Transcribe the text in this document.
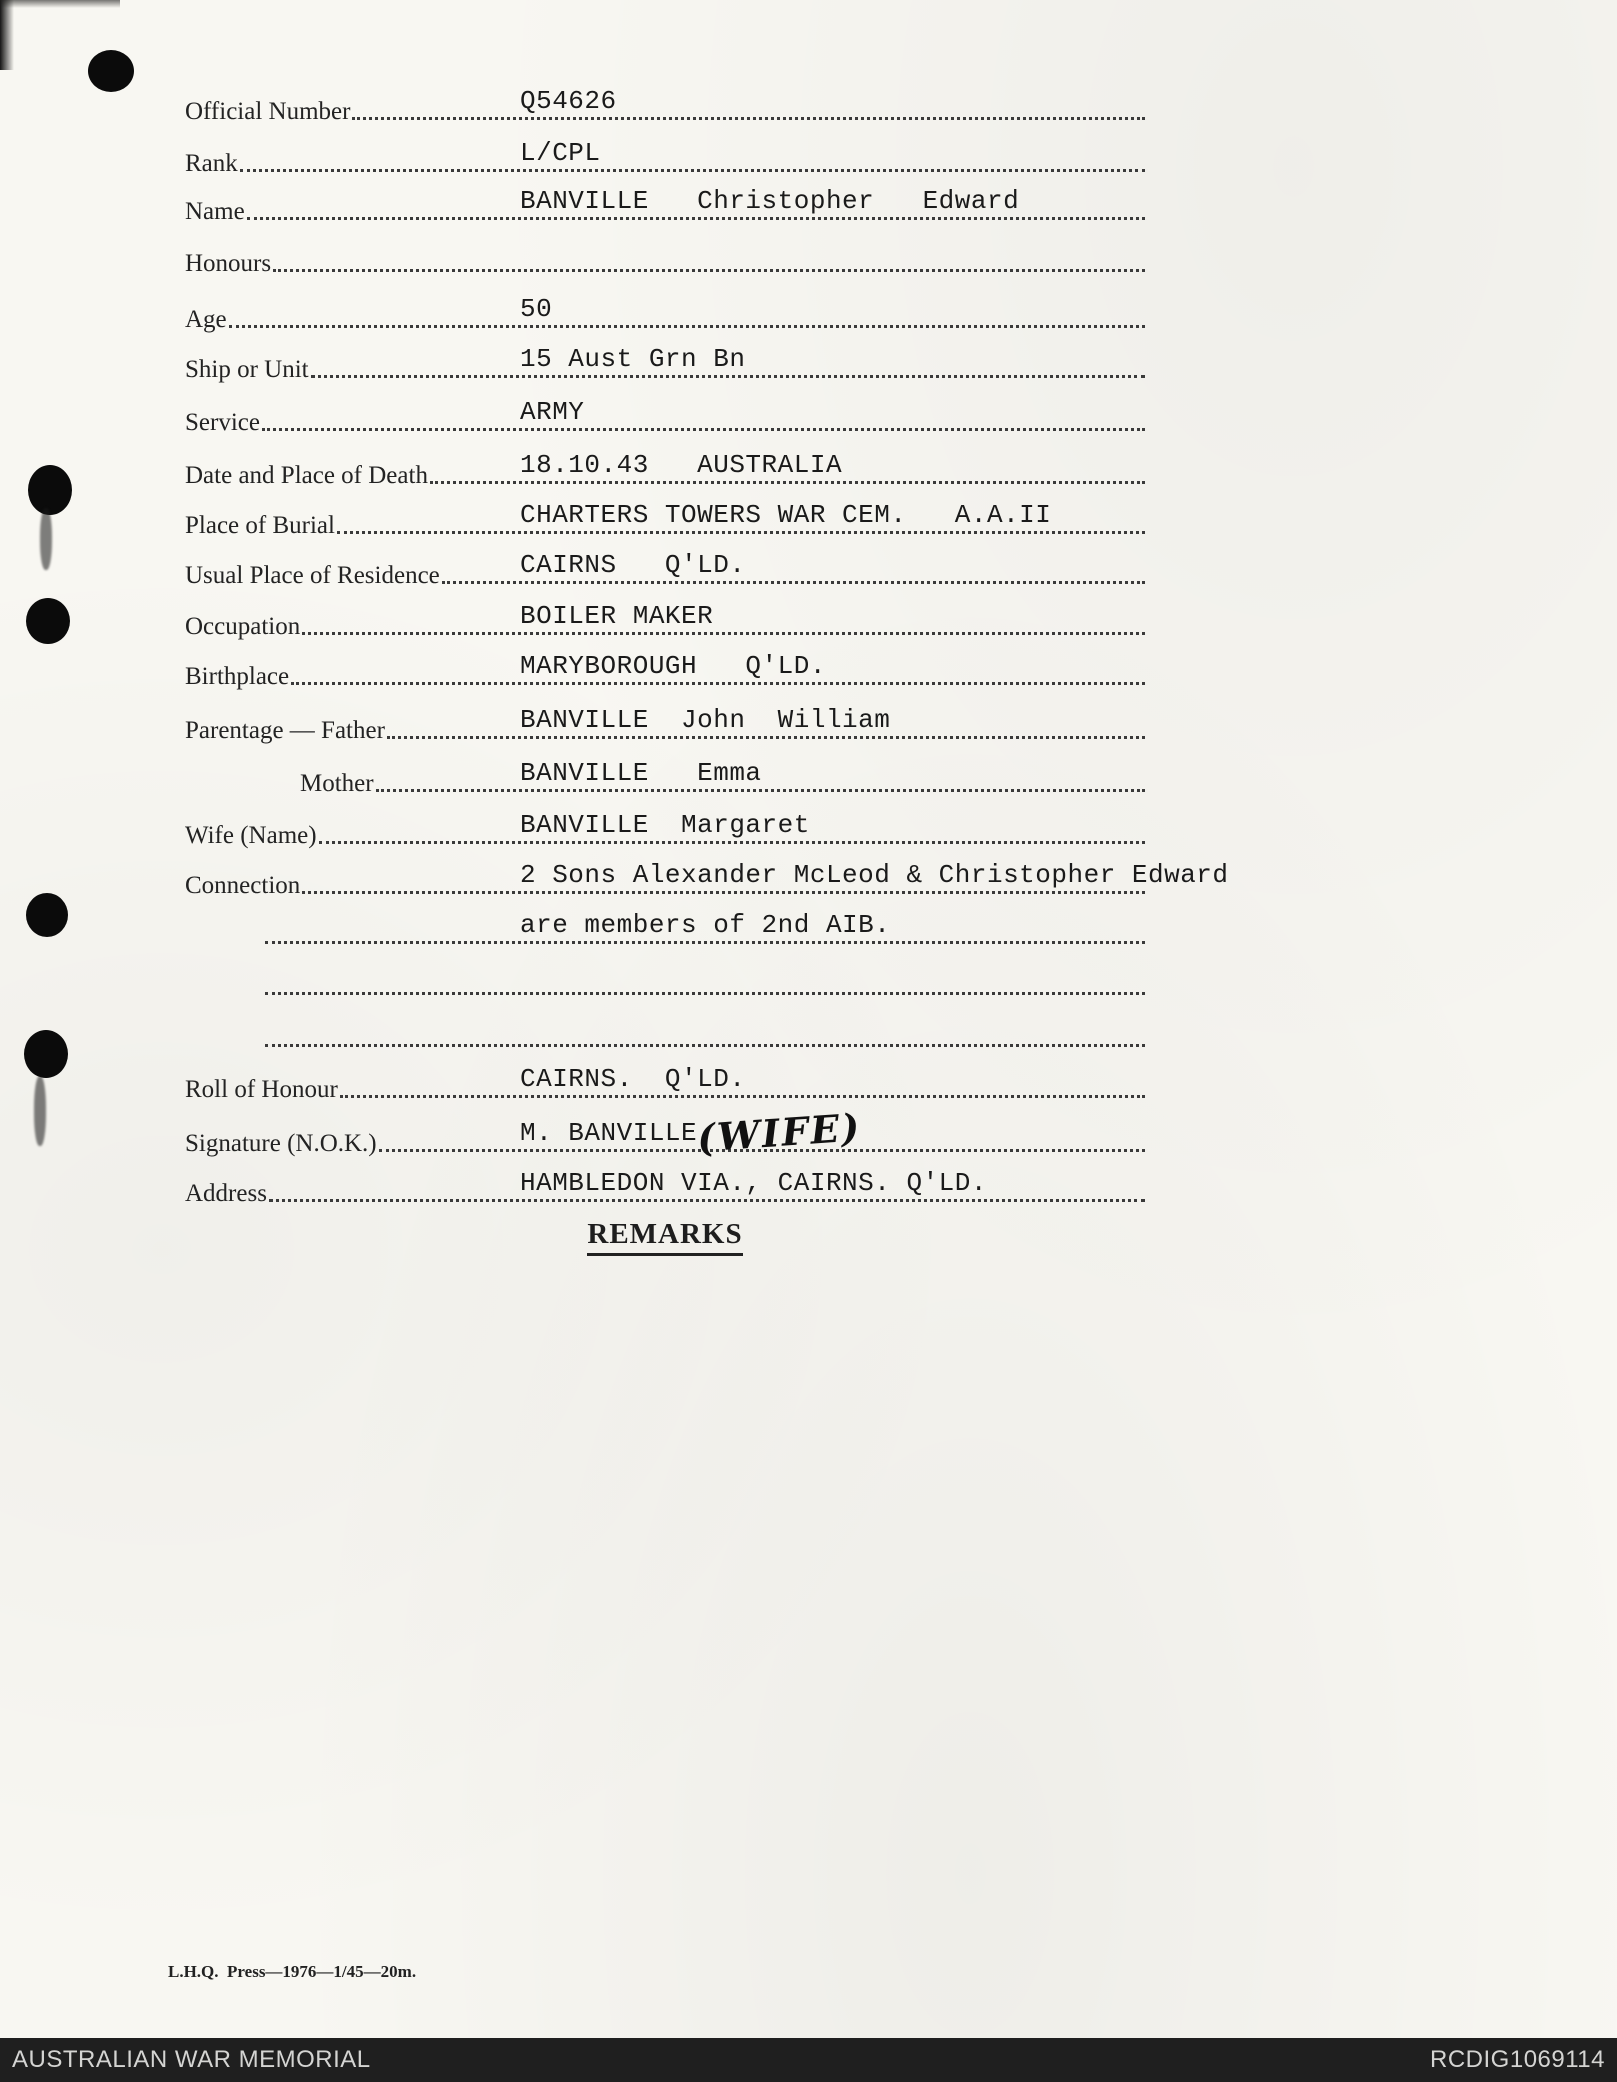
Official Number	Q54626
Rank	L/CPL
Name	BANVILLE   Christopher   Edward
Honours
Age	50
Ship or Unit	15 Aust Grn Bn
Service	ARMY
Date and Place of Death	18.10.43   AUSTRALIA
Place of Burial	CHARTERS TOWERS WAR CEM.   A.A.II
Usual Place of Residence	CAIRNS   Q'LD.
Occupation	BOILER MAKER
Birthplace	MARYBOROUGH   Q'LD.
Parentage — Father	BANVILLE  John  William
Mother	BANVILLE   Emma
Wife (Name)	BANVILLE  Margaret
Connection	2 Sons Alexander McLeod & Christopher Edward
are members of 2nd AIB.
Roll of Honour	CAIRNS.  Q'LD.
Signature (N.O.K.)	M. BANVILLE
(WIFE)
Address	HAMBLEDON VIA., CAIRNS. Q'LD.
REMARKS
L.H.Q.  Press—1976—1/45—20m.
AUSTRALIAN WAR MEMORIAL	RCDIG1069114
